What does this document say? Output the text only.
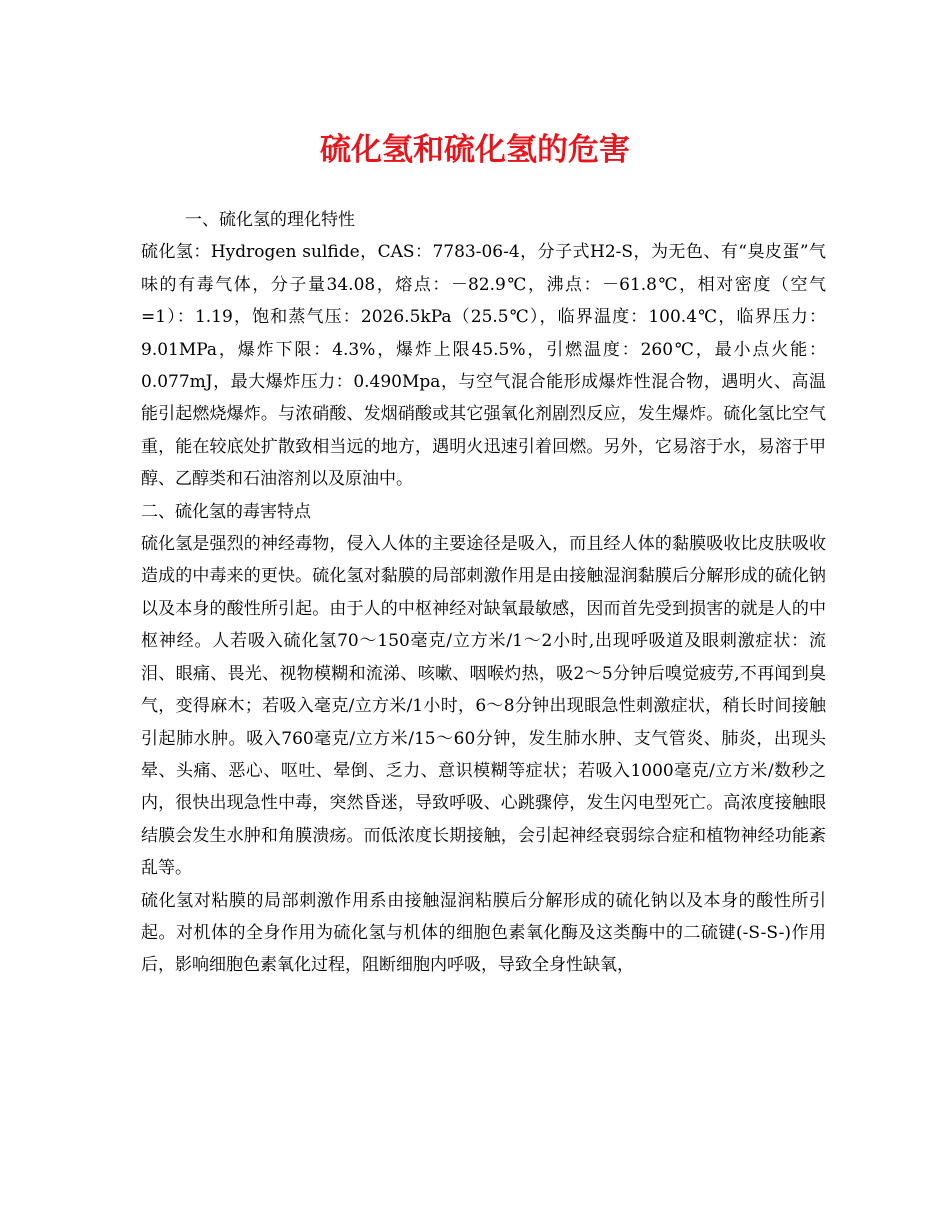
硫化氢和硫化氢的危害

一、硫化氢的理化特性

硫化氢：Hydrogen sulfide，CAS：7783-06-4，分子式H2-S，为无色、有“臭皮蛋”气味的有毒气体，分子量34.08，熔点：－82.9℃，沸点：－61.8℃，相对密度（空气=1）：1.19，饱和蒸气压：2026.5kPa（25.5℃），临界温度：100.4℃，临界压力：9.01MPa，爆炸下限：4.3%，爆炸上限45.5%，引燃温度：260℃，最小点火能：0.077mJ，最大爆炸压力：0.490Mpa，与空气混合能形成爆炸性混合物，遇明火、高温能引起燃烧爆炸。与浓硝酸、发烟硝酸或其它强氧化剂剧烈反应，发生爆炸。硫化氢比空气重，能在较底处扩散致相当远的地方，遇明火迅速引着回燃。另外，它易溶于水，易溶于甲醇、乙醇类和石油溶剂以及原油中。

二、硫化氢的毒害特点

硫化氢是强烈的神经毒物，侵入人体的主要途径是吸入，而且经人体的黏膜吸收比皮肤吸收造成的中毒来的更快。硫化氢对黏膜的局部刺激作用是由接触湿润黏膜后分解形成的硫化钠以及本身的酸性所引起。由于人的中枢神经对缺氧最敏感，因而首先受到损害的就是人的中枢神经。人若吸入硫化氢70～150毫克/立方米/1～2小时,出现呼吸道及眼刺激症状：流泪、眼痛、畏光、视物模糊和流涕、咳嗽、咽喉灼热，吸2～5分钟后嗅觉疲劳,不再闻到臭气，变得麻木；若吸入毫克/立方米/1小时，6～8分钟出现眼急性刺激症状，稍长时间接触引起肺水肿。吸入760毫克/立方米/15～60分钟，发生肺水肿、支气管炎、肺炎，出现头晕、头痛、恶心、呕吐、晕倒、乏力、意识模糊等症状；若吸入1000毫克/立方米/数秒之内，很快出现急性中毒，突然昏迷，导致呼吸、心跳骤停，发生闪电型死亡。高浓度接触眼结膜会发生水肿和角膜溃疡。而低浓度长期接触，会引起神经衰弱综合症和植物神经功能紊乱等。

硫化氢对粘膜的局部刺激作用系由接触湿润粘膜后分解形成的硫化钠以及本身的酸性所引起。对机体的全身作用为硫化氢与机体的细胞色素氧化酶及这类酶中的二硫键(-S-S-)作用后，影响细胞色素氧化过程，阻断细胞内呼吸，导致全身性缺氧，
